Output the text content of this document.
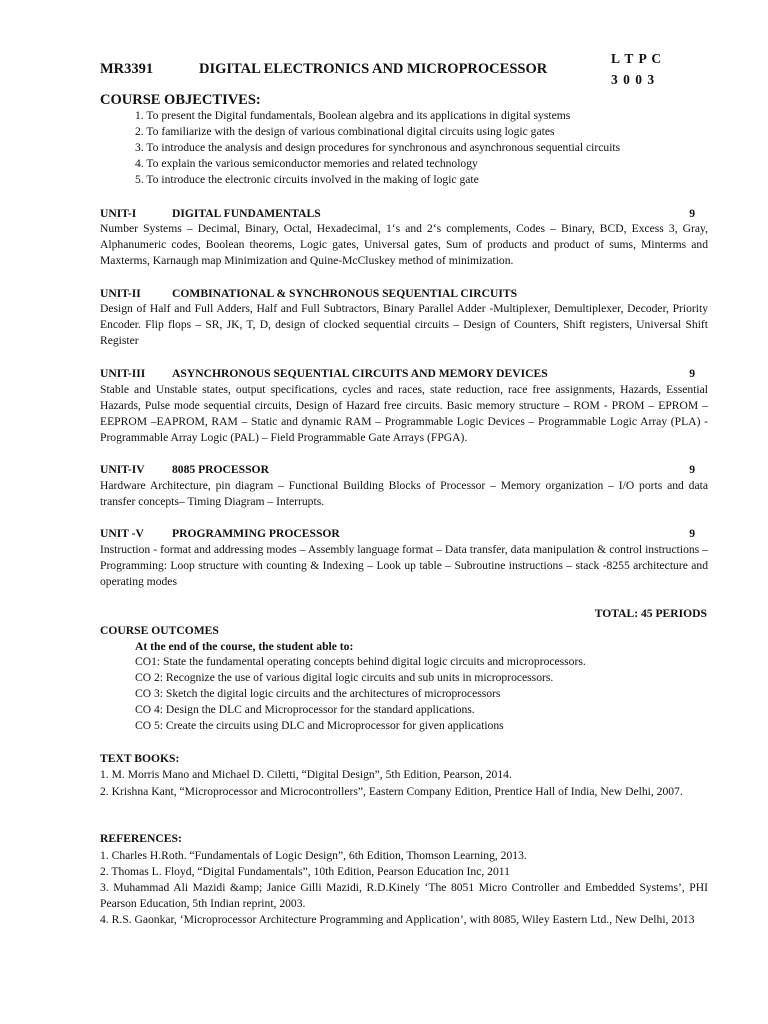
MR3391	DIGITAL ELECTRONICS AND MICROPROCESSOR
L T P C
3 0 0 3
COURSE OBJECTIVES:
1. To present the Digital fundamentals, Boolean algebra and its applications in digital systems
2. To familiarize with the design of various combinational digital circuits using logic gates
3. To introduce the analysis and design procedures for synchronous and asynchronous sequential circuits
4. To explain the various semiconductor memories and related technology
5. To introduce the electronic circuits involved in the making of logic gate
UNIT-I	DIGITAL FUNDAMENTALS	9
Number Systems – Decimal, Binary, Octal, Hexadecimal, 1‘s and 2‘s complements, Codes – Binary, BCD, Excess 3, Gray, Alphanumeric codes, Boolean theorems, Logic gates, Universal gates, Sum of products and product of sums, Minterms and Maxterms, Karnaugh map Minimization and Quine-McCluskey method of minimization.
UNIT-II	COMBINATIONAL & SYNCHRONOUS SEQUENTIAL CIRCUITS
Design of Half and Full Adders, Half and Full Subtractors, Binary Parallel Adder -Multiplexer, Demultiplexer, Decoder, Priority Encoder. Flip flops – SR, JK, T, D, design of clocked sequential circuits – Design of Counters, Shift registers, Universal Shift Register
UNIT-III ASYNCHRONOUS SEQUENTIAL CIRCUITS AND MEMORY DEVICES	9
Stable and Unstable states, output specifications, cycles and races, state reduction, race free assignments, Hazards, Essential Hazards, Pulse mode sequential circuits, Design of Hazard free circuits. Basic memory structure – ROM - PROM – EPROM – EEPROM –EAPROM, RAM – Static and dynamic RAM – Programmable Logic Devices – Programmable Logic Array (PLA) - Programmable Array Logic (PAL) – Field Programmable Gate Arrays (FPGA).
UNIT-IV 8085 PROCESSOR	9
Hardware Architecture, pin diagram – Functional Building Blocks of Processor – Memory organization – I/O ports and data transfer concepts– Timing Diagram – Interrupts.
UNIT -V PROGRAMMING PROCESSOR	9
Instruction - format and addressing modes – Assembly language format – Data transfer, data manipulation & control instructions – Programming: Loop structure with counting & Indexing – Look up table – Subroutine instructions – stack -8255 architecture and operating modes
TOTAL: 45 PERIODS
COURSE OUTCOMES
At the end of the course, the student able to:
CO1: State the fundamental operating concepts behind digital logic circuits and microprocessors.
CO 2: Recognize the use of various digital logic circuits and sub units in microprocessors.
CO 3: Sketch the digital logic circuits and the architectures of microprocessors
CO 4: Design the DLC and Microprocessor for the standard applications.
CO 5: Create the circuits using DLC and Microprocessor for given applications
TEXT BOOKS:
1. M. Morris Mano and Michael D. Ciletti, “Digital Design”, 5th Edition, Pearson, 2014.
2. Krishna Kant, “Microprocessor and Microcontrollers”, Eastern Company Edition, Prentice Hall of India, New Delhi, 2007.
REFERENCES:
1. Charles H.Roth. “Fundamentals of Logic Design”, 6th Edition, Thomson Learning, 2013.
2. Thomas L. Floyd, “Digital Fundamentals”, 10th Edition, Pearson Education Inc, 2011
3. Muhammad Ali Mazidi &amp; Janice Gilli Mazidi, R.D.Kinely ‘The 8051 Micro Controller and Embedded Systems’, PHI Pearson Education, 5th Indian reprint, 2003.
4. R.S. Gaonkar, ‘Microprocessor Architecture Programming and Application’, with 8085, Wiley Eastern Ltd., New Delhi, 2013
